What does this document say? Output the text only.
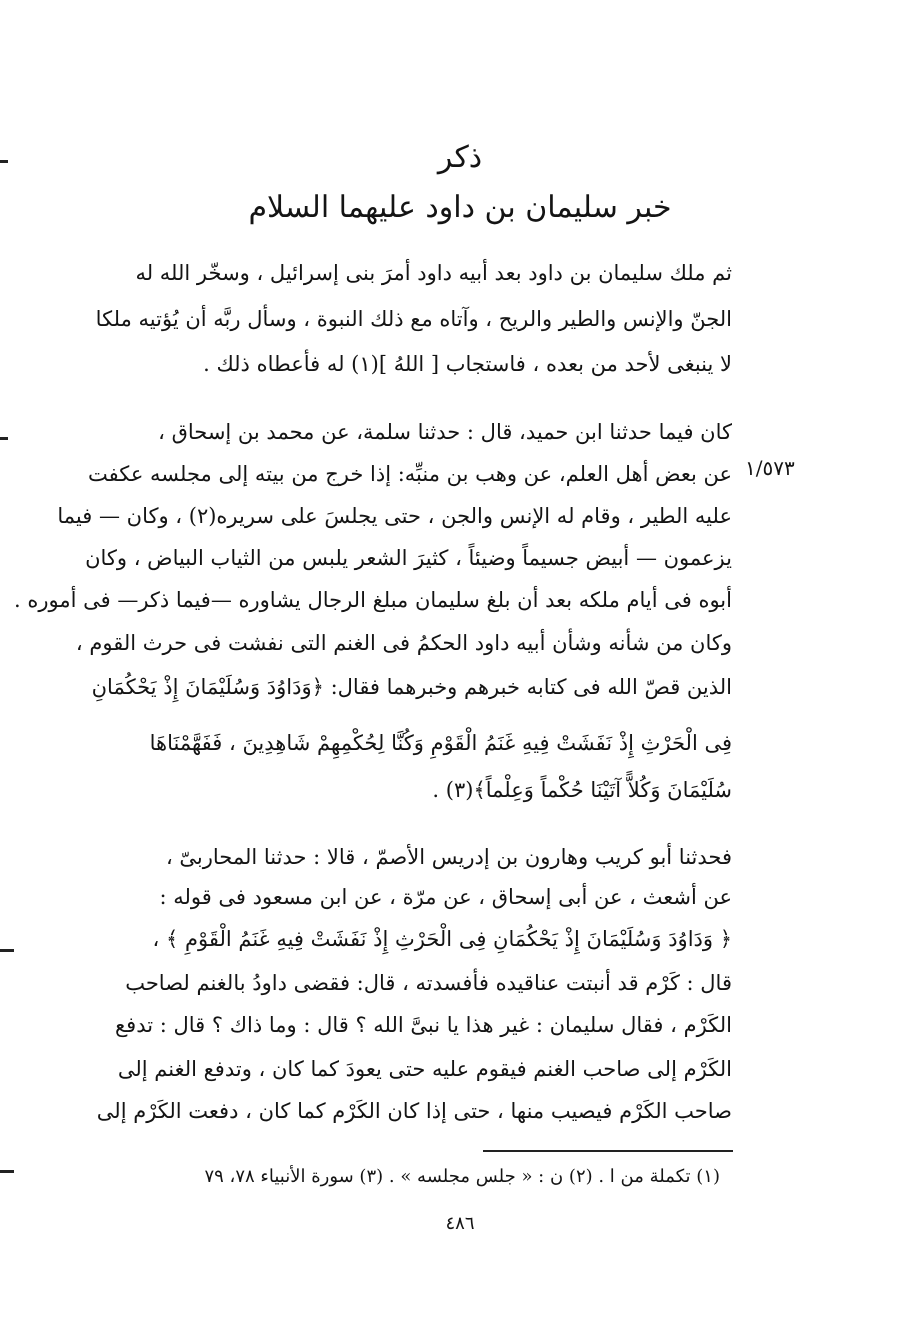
ذكر
خبر سليمان بن داود عليهما السلام
ثم ملك سليمان بن داود بعد أبيه داود أمرَ بنى إسرائيل ، وسخّر الله له
الجنّ والإنس والطير والريح ، وآتاه مع ذلك النبوة ، وسأل ربَّه أن يُؤتيه ملكا
لا ينبغى لأحد من بعده ، فاستجاب [ اللهُ ](١) له فأعطاه ذلك .
كان فيما حدثنا ابن حميد، قال : حدثنا سلمة، عن محمد بن إسحاق ،
عن بعض أهل العلم، عن وهب بن منبِّه: إذا خرج من بيته إلى مجلسه عكفت
عليه الطير ، وقام له الإنس والجن ، حتى يجلسَ على سريره(٢) ، وكان — فيما
يزعمون — أبيض جسيماً وضيئاً ، كثيرَ الشعر يلبس من الثياب البياض ، وكان
أبوه فى أيام ملكه بعد أن بلغ سليمان مبلغ الرجال يشاوره —فيما ذكر— فى أموره .
وكان من شأنه وشأن أبيه داود الحكمُ فى الغنم التى نفشت فى حرث القوم ،
الذين قصّ الله فى كتابه خبرهم وخبرهما فقال: ﴿وَدَاوُدَ وَسُلَيْمَانَ إِذْ يَحْكُمَانِ
فِى الْحَرْثِ إِذْ نَفَشَتْ فِيهِ غَنَمُ الْقَوْمِ وَكُنَّا لِحُكْمِهِمْ شَاهِدِينَ ، فَفَهَّمْنَاهَا
سُلَيْمَانَ وَكُلاًّ آتَيْنَا حُكْماً وَعِلْماً﴾(٣) .
فحدثنا أبو كريب وهارون بن إدريس الأصمّ ، قالا : حدثنا المحاربىّ ،
عن أشعث ، عن أبى إسحاق ، عن مرّة ، عن ابن مسعود فى قوله :
﴿ وَدَاوُدَ وَسُلَيْمَانَ إِذْ يَحْكُمَانِ فِى الْحَرْثِ إِذْ نَفَشَتْ فِيهِ غَنَمُ الْقَوْمِ ﴾ ،
قال : كَرْم قد أنبتت عناقيده فأفسدته ، قال: فقضى داودُ بالغنم لصاحب
الكَرْم ، فقال سليمان : غير هذا يا نبىَّ الله ؟ قال : وما ذاك ؟ قال : تدفع
الكَرْم إلى صاحب الغنم فيقوم عليه حتى يعودَ كما كان ، وتدفع الغنم إلى
صاحب الكَرْم فيصيب منها ، حتى إذا كان الكَرْم كما كان ، دفعت الكَرْم إلى
١/٥٧٣
(١) تكملة من ا . (٢) ن : « جلس مجلسه » . (٣) سورة الأنبياء ٧٨، ٧٩
٤٨٦
